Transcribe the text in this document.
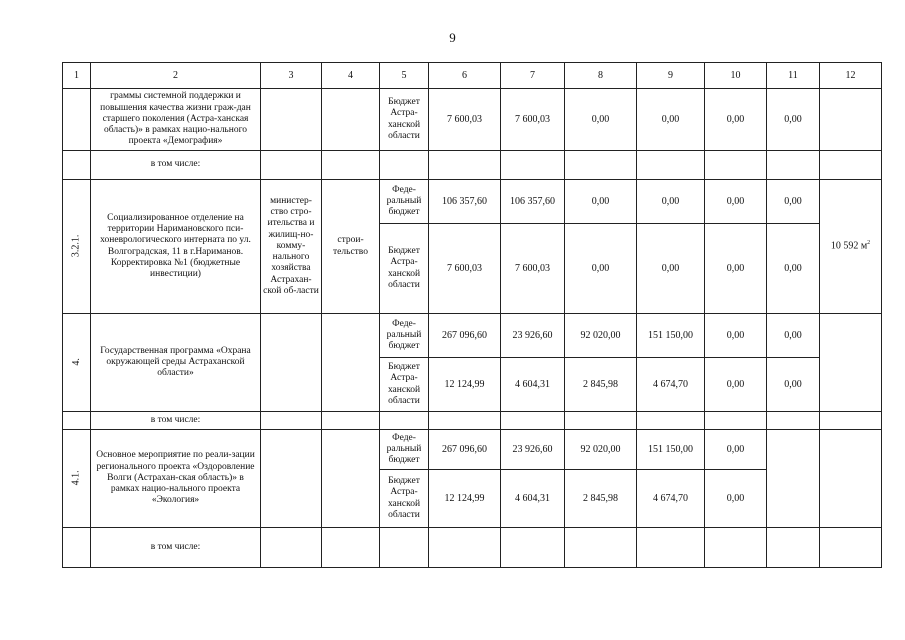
9
1	2	3	4	5	6	7	8	9	10	11	12
	граммы системной поддержки и повышения качества жизни граж-дан старшего поколения (Астра-ханская область)» в рамках нацио-нального проекта «Демография»			Бюджет Астра-ханской области	7 600,03	7 600,03	0,00	0,00	0,00	0,00	
	в том числе:										
3.2.1.	Социализированное отделение на территории Наримановского пси-хоневрологического интерната по ул. Волгоградская, 11 в г.Нариманов. Корректировка №1 (бюджетные инвестиции)	министер-ство стро-ительства и жилищ-но-комму-нального хозяйства Астрахан-ской об-ласти	строи-тельство	Феде-ральный бюджет	106 357,60	106 357,60	0,00	0,00	0,00	0,00	10 592 $м^2$
				Бюджет Астра-ханской области	7 600,03	7 600,03	0,00	0,00	0,00	0,00	
4.	Государственная программа «Охрана окружающей среды Астраханской области»			Феде-ральный бюджет	267 096,60	23 926,60	92 020,00	151 150,00	0,00	0,00	
				Бюджет Астра-ханской области	12 124,99	4 604,31	2 845,98	4 674,70	0,00	0,00	
	в том числе:										
4.1.	Основное мероприятие по реали-зации регионального проекта «Оздоровление Волги (Астрахан-ская область)» в рамках нацио-нального проекта «Экология»			Феде-ральный бюджет	267 096,60	23 926,60	92 020,00	151 150,00	0,00		
				Бюджет Астра-ханской области	12 124,99	4 604,31	2 845,98	4 674,70	0,00		
	в том числе:										
